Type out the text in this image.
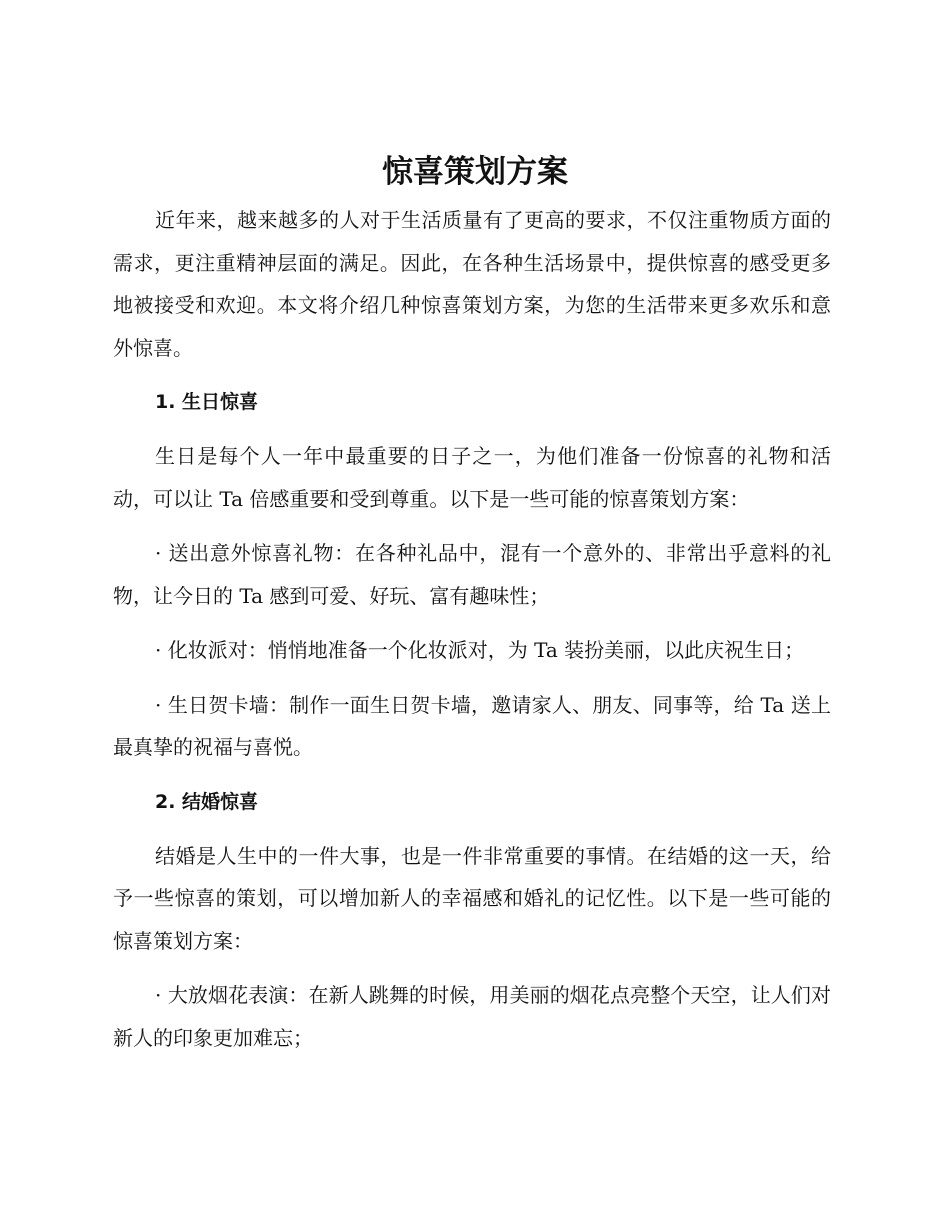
惊喜策划方案

近年来，越来越多的人对于生活质量有了更高的要求，不仅注重物质方面的需求，更注重精神层面的满足。因此，在各种生活场景中，提供惊喜的感受更多地被接受和欢迎。本文将介绍几种惊喜策划方案，为您的生活带来更多欢乐和意外惊喜。

1. 生日惊喜

生日是每个人一年中最重要的日子之一，为他们准备一份惊喜的礼物和活动，可以让 Ta 倍感重要和受到尊重。以下是一些可能的惊喜策划方案：

· 送出意外惊喜礼物：在各种礼品中，混有一个意外的、非常出乎意料的礼物，让今日的 Ta 感到可爱、好玩、富有趣味性；

· 化妆派对：悄悄地准备一个化妆派对，为 Ta 装扮美丽，以此庆祝生日；

· 生日贺卡墙：制作一面生日贺卡墙，邀请家人、朋友、同事等，给 Ta 送上最真挚的祝福与喜悦。

2. 结婚惊喜

结婚是人生中的一件大事，也是一件非常重要的事情。在结婚的这一天，给予一些惊喜的策划，可以增加新人的幸福感和婚礼的记忆性。以下是一些可能的惊喜策划方案：

· 大放烟花表演：在新人跳舞的时候，用美丽的烟花点亮整个天空，让人们对新人的印象更加难忘；
